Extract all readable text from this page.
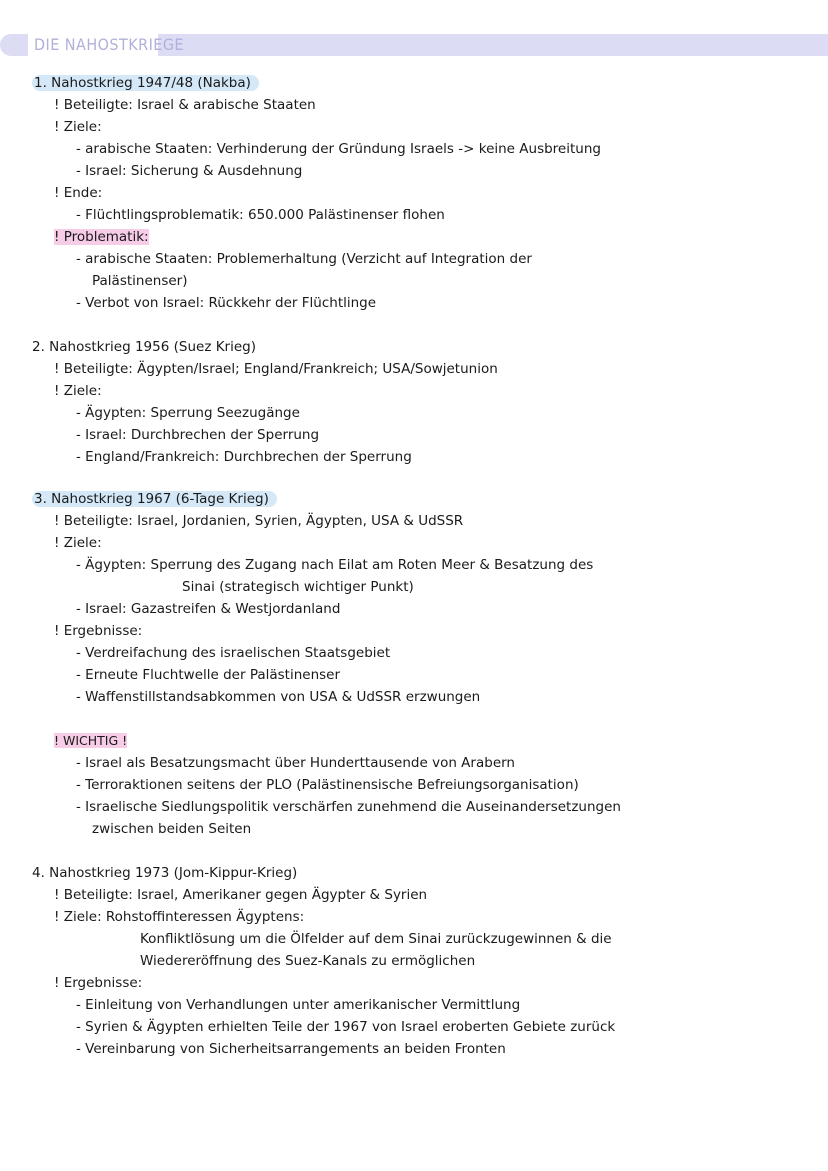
DIE NAHOSTKRIEGE
1. Nahostkrieg 1947/48 (Nakba)
! Beteiligte: Israel & arabische Staaten
! Ziele:
- arabische Staaten: Verhinderung der Gründung Israels -> keine Ausbreitung
- Israel: Sicherung & Ausdehnung
! Ende:
- Flüchtlingsproblematik: 650.000 Palästinenser flohen
! Problematik:
- arabische Staaten: Problemerhaltung (Verzicht auf Integration der
Palästinenser)
- Verbot von Israel: Rückkehr der Flüchtlinge
2. Nahostkrieg 1956 (Suez Krieg)
! Beteiligte: Ägypten/Israel; England/Frankreich; USA/Sowjetunion
! Ziele:
- Ägypten: Sperrung Seezugänge
- Israel: Durchbrechen der Sperrung
- England/Frankreich: Durchbrechen der Sperrung
3. Nahostkrieg 1967 (6-Tage Krieg)
! Beteiligte: Israel, Jordanien, Syrien, Ägypten, USA & UdSSR
! Ziele:
- Ägypten: Sperrung des Zugang nach Eilat am Roten Meer & Besatzung des
Sinai (strategisch wichtiger Punkt)
- Israel: Gazastreifen & Westjordanland
! Ergebnisse:
- Verdreifachung des israelischen Staatsgebiet
- Erneute Fluchtwelle der Palästinenser
- Waffenstillstandsabkommen von USA & UdSSR erzwungen
! WICHTIG !
- Israel als Besatzungsmacht über Hunderttausende von Arabern
- Terroraktionen seitens der PLO (Palästinensische Befreiungsorganisation)
- Israelische Siedlungspolitik verschärfen zunehmend die Auseinandersetzungen
zwischen beiden Seiten
4. Nahostkrieg 1973 (Jom-Kippur-Krieg)
! Beteiligte: Israel, Amerikaner gegen Ägypter & Syrien
! Ziele: Rohstoffinteressen Ägyptens:
Konfliktlösung um die Ölfelder auf dem Sinai zurückzugewinnen & die
Wiedereröffnung des Suez-Kanals zu ermöglichen
! Ergebnisse:
- Einleitung von Verhandlungen unter amerikanischer Vermittlung
- Syrien & Ägypten erhielten Teile der 1967 von Israel eroberten Gebiete zurück
- Vereinbarung von Sicherheitsarrangements an beiden Fronten
